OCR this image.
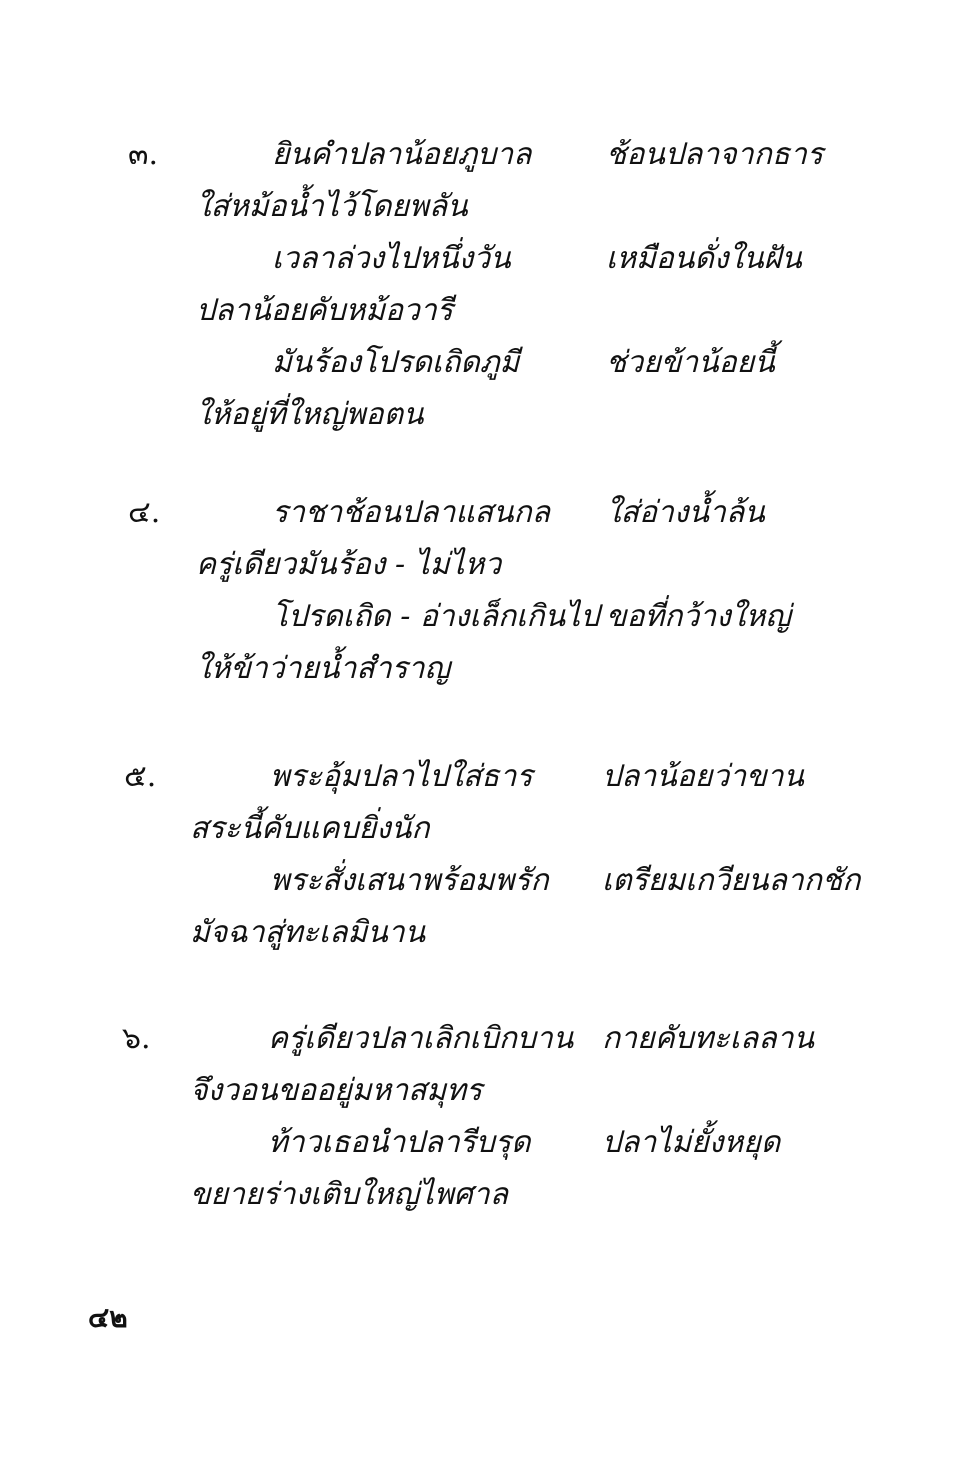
๓.	ยินคำปลาน้อยภูบาล ช้อนปลาจากธาร
ใส่หม้อน้ำไว้โดยพลัน
เวลาล่วงไปหนึ่งวัน	เหมือนดั่งในฝัน
ปลาน้อยคับหม้อวารี
มันร้องโปรดเถิดภูมี	ช่วยข้าน้อยนี้
ให้อยู่ที่ใหญ่พอตน
๔.	ราชาช้อนปลาแสนกล ใส่อ่างน้ำล้น
ครู่เดียวมันร้อง - ไม่ไหว
โปรดเถิด - อ่างเล็กเกินไป ขอที่กว้างใหญ่
ให้ข้าว่ายน้ำสำราญ
๕.	พระอุ้มปลาไปใส่ธาร ปลาน้อยว่าขาน
สระนี้คับแคบยิ่งนัก
พระสั่งเสนาพร้อมพรัก เตรียมเกวียนลากชัก
มัจฉาสู่ทะเลมินาน
๖.	ครู่เดียวปลาเลิกเบิกบาน กายคับทะเลลาน
จึงวอนขออยู่มหาสมุทร
ท้าวเธอนำปลารีบรุด ปลาไม่ยั้งหยุด
ขยายร่างเติบใหญ่ไพศาล
๔๒
